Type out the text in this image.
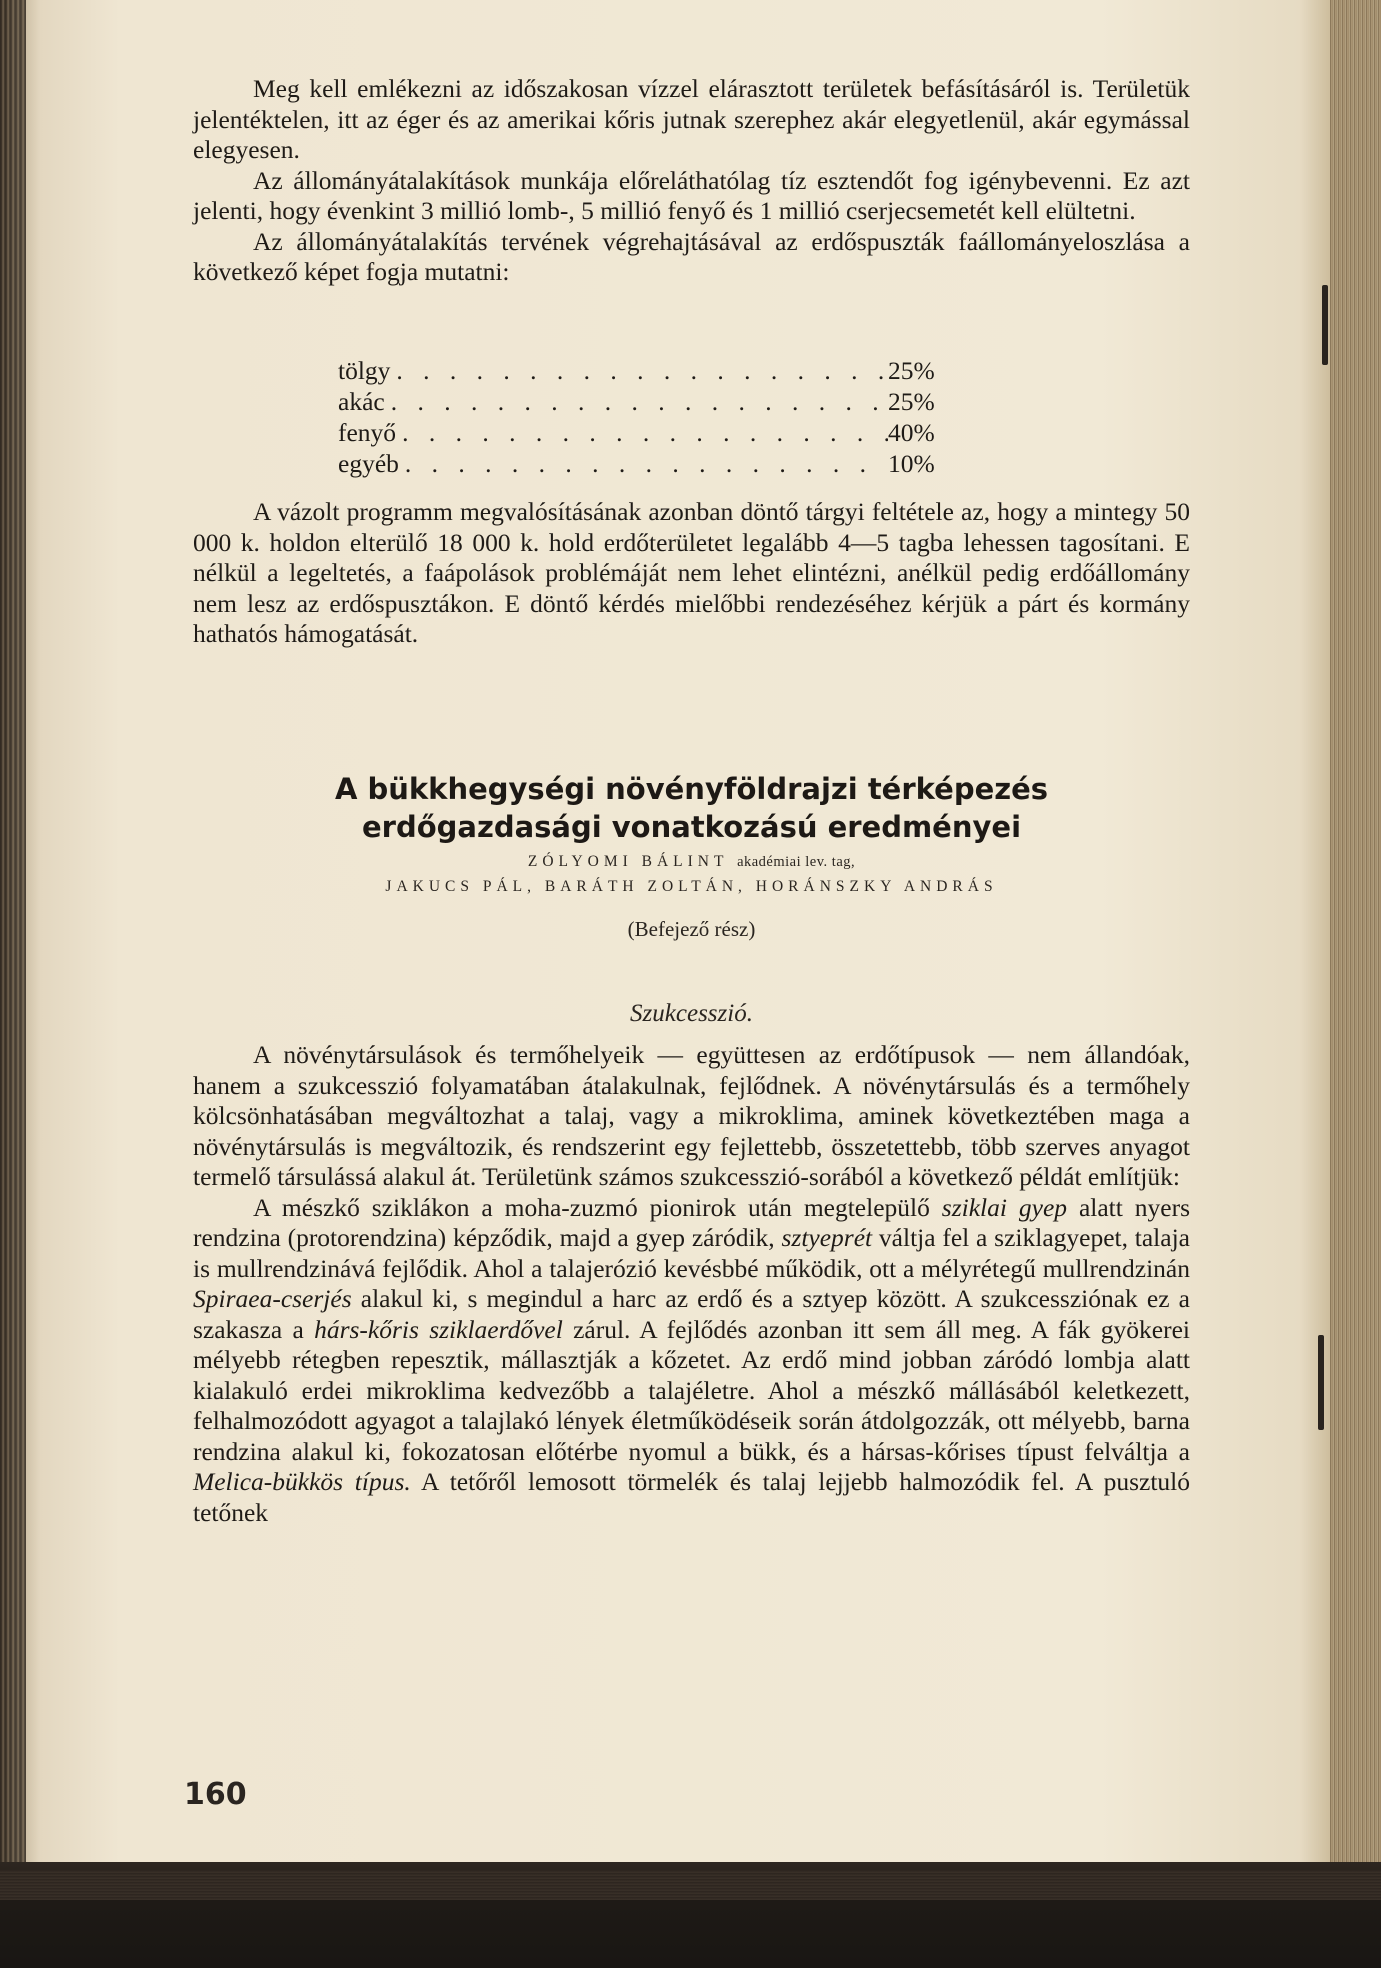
Meg kell emlékezni az időszakosan vízzel elárasztott területek befásításáról is. Területük jelentéktelen, itt az éger és az amerikai kőris jutnak szerephez akár elegyetlenül, akár egymással elegyesen.

Az állományátalakítások munkája előreláthatólag tíz esztendőt fog igénybevenni. Ez azt jelenti, hogy évenkint 3 millió lomb-, 5 millió fenyő és 1 millió cserjecsemetét kell elültetni.

Az állományátalakítás tervének végrehajtásával az erdőspuszták faállományeloszlása a következő képet fogja mutatni:

tölgy . . .	25%
akác . . .	25%
fenyő . . .	40%
egyéb . . .	10%

A vázolt programm megvalósításának azonban döntő tárgyi feltétele az, hogy a mintegy 50 000 k. holdon elterülő 18 000 k. hold erdőterületet legalább 4—5 tagba lehessen tagosítani. E nélkül a legeltetés, a faápolások problémáját nem lehet elintézni, anélkül pedig erdőállomány nem lesz az erdőspusztákon. E döntő kérdés mielőbbi rendezéséhez kérjük a párt és kormány hathatós hámogatását.

A bükkhegységi növényföldrajzi térképezés
erdőgazdasági vonatkozású eredményei
ZÓLYOMI BÁLINT akadémiai lev. tag,
JAKUCS PÁL, BARÁTH ZOLTÁN, HORÁNSZKY ANDRÁS
(Befejező rész)
Szukcesszió.

A növénytársulások és termőhelyeik — együttesen az erdőtípusok — nem állandóak, hanem a szukcesszió folyamatában átalakulnak, fejlődnek. A növénytársulás és a termőhely kölcsönhatásában megváltozhat a talaj, vagy a mikroklima, aminek következtében maga a növénytársulás is megváltozik, és rendszerint egy fejlettebb, összetettebb, több szerves anyagot termelő társulássá alakul át. Területünk számos szukcesszió-sorából a következő példát említjük:

A mészkő sziklákon a moha-zuzmó pionirok után megtelepülő sziklai gyep alatt nyers rendzina (protorendzina) képződik, majd a gyep záródik, sztyeprét váltja fel a sziklagyepet, talaja is mullrendzinává fejlődik. Ahol a talajerózió kevésbbé működik, ott a mélyrétegű mullrendzinán Spiraea-cserjés alakul ki, s megindul a harc az erdő és a sztyep között. A szukcessziónak ez a szakasza a hárs-kőris sziklaerdővel zárul. A fejlődés azonban itt sem áll meg. A fák gyökerei mélyebb rétegben repesztik, mállasztják a kőzetet. Az erdő mind jobban záródó lombja alatt kialakuló erdei mikroklima kedvezőbb a talajéletre. Ahol a mészkő mállásából keletkezett, felhalmozódott agyagot a talajlakó lények életműködéseik során átdolgozzák, ott mélyebb, barna rendzina alakul ki, fokozatosan előtérbe nyomul a bükk, és a hársas-kőrises típust felváltja a Melica-bükkös típus. A tetőről lemosott törmelék és talaj lejjebb halmozódik fel. A pusztuló tetőnek

160
